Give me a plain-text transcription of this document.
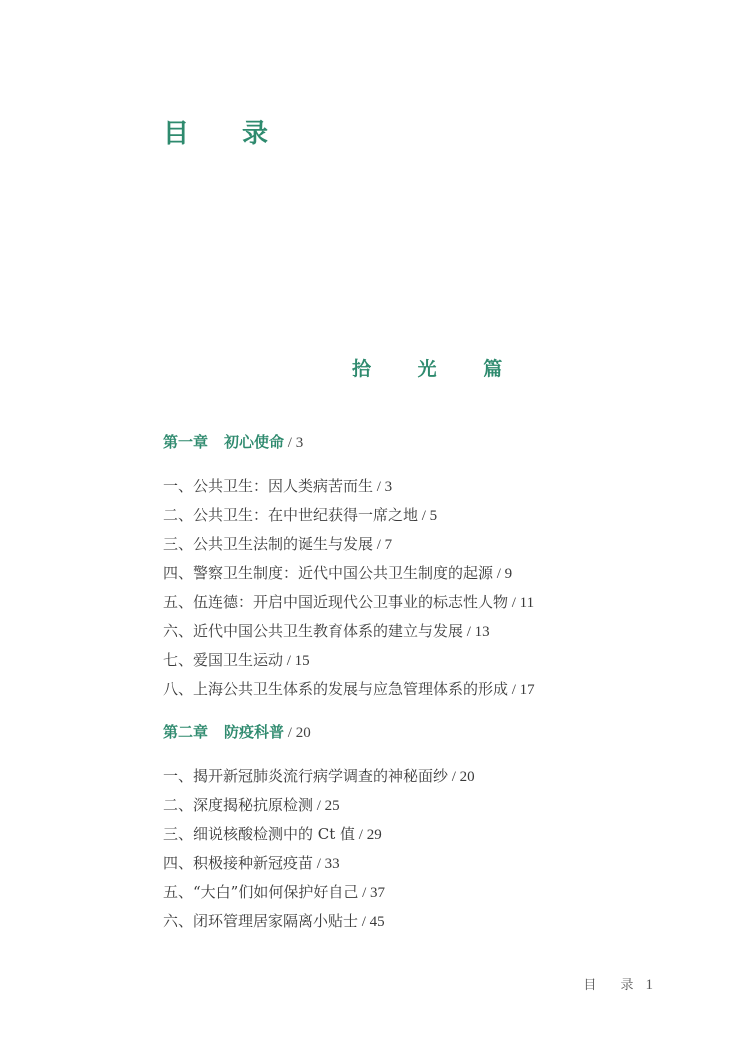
目 录
拾 光 篇
第一章 初心使命 / 3
一、公共卫生：因人类病苦而生 / 3
二、公共卫生：在中世纪获得一席之地 / 5
三、公共卫生法制的诞生与发展 / 7
四、警察卫生制度：近代中国公共卫生制度的起源 / 9
五、伍连德：开启中国近现代公卫事业的标志性人物 / 11
六、近代中国公共卫生教育体系的建立与发展 / 13
七、爱国卫生运动 / 15
八、上海公共卫生体系的发展与应急管理体系的形成 / 17
第二章 防疫科普 / 20
一、揭开新冠肺炎流行病学调查的神秘面纱 / 20
二、深度揭秘抗原检测 / 25
三、细说核酸检测中的 Ct 值 / 29
四、积极接种新冠疫苗 / 33
五、“大白”们如何保护好自己 / 37
六、闭环管理居家隔离小贴士 / 45
目 录 1
